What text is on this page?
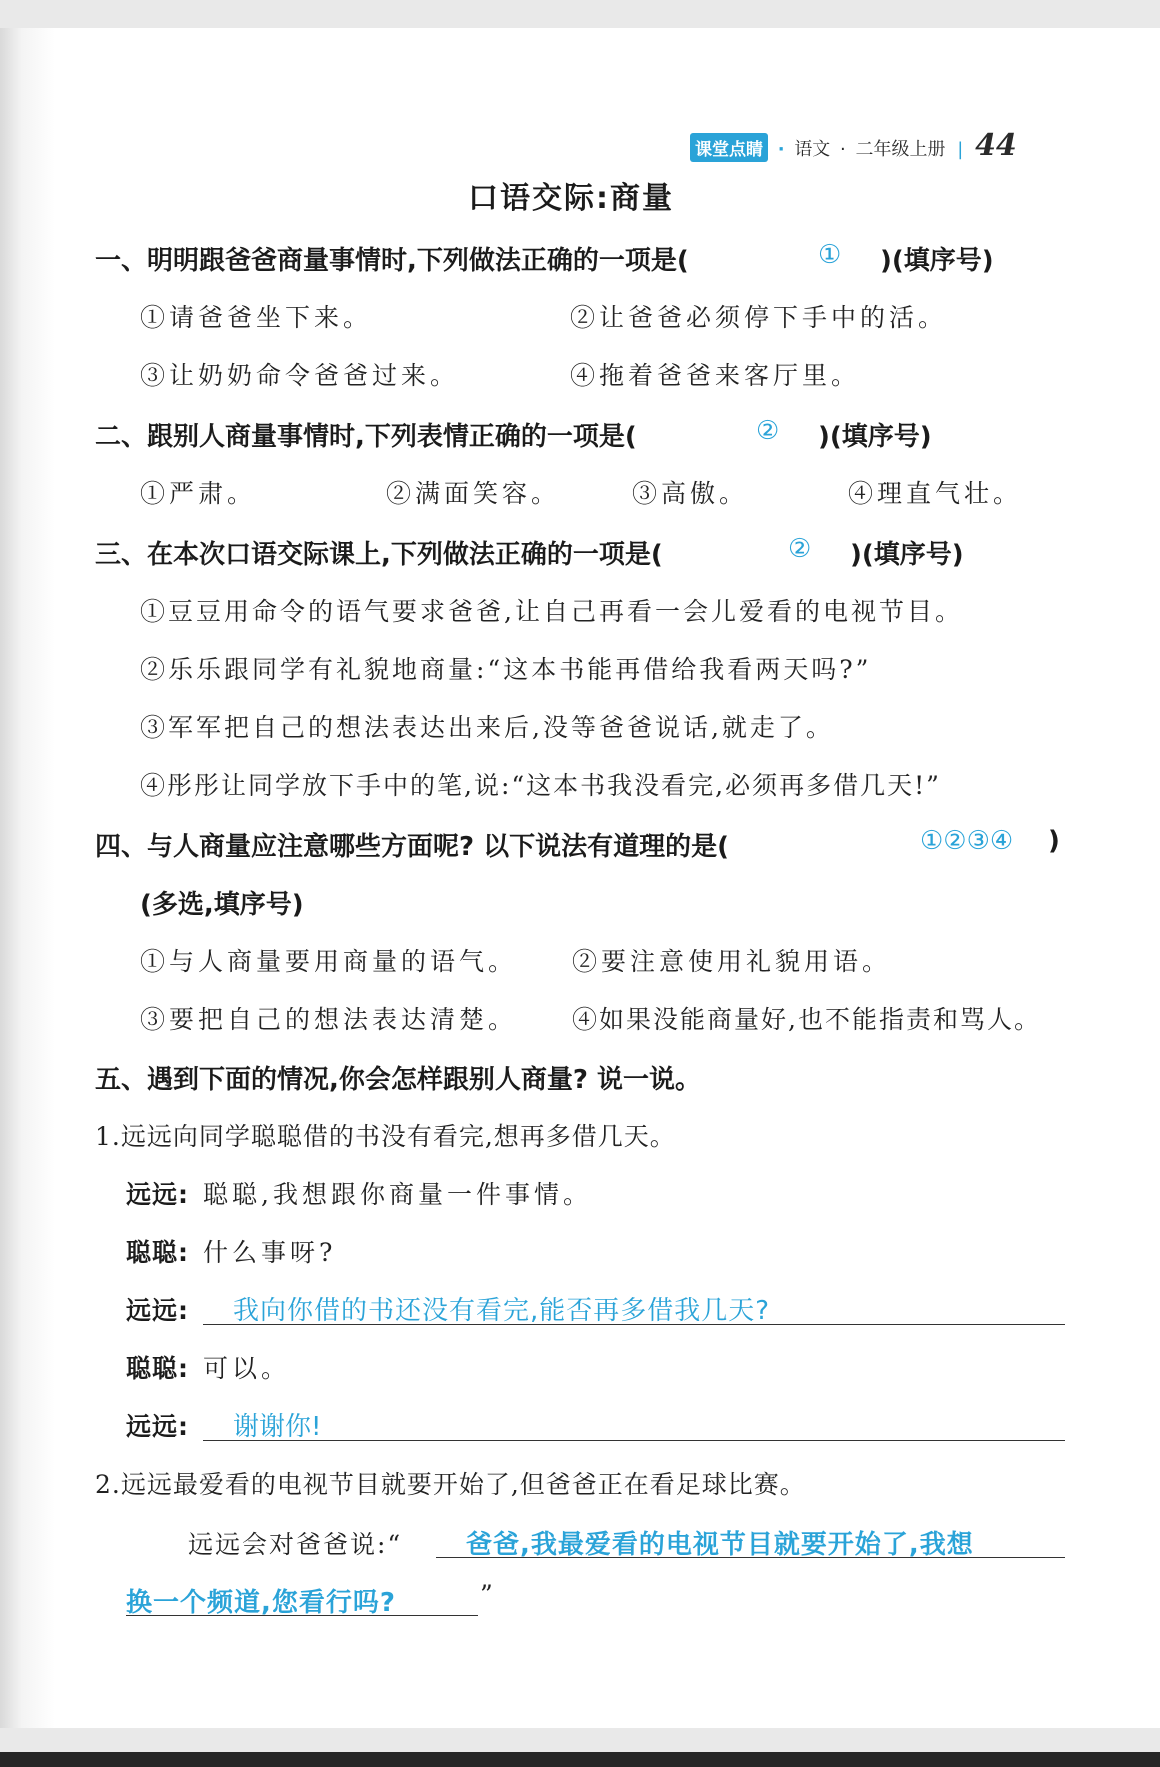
课堂点睛 · 语文 · 二年级上册 | 44
口语交际:商量
一、明明跟爸爸商量事情时,下列做法正确的一项是(	① )(填序号)
①请爸爸坐下来。	②让爸爸必须停下手中的活。
③让奶奶命令爸爸过来。	④拖着爸爸来客厅里。
二、跟别人商量事情时,下列表情正确的一项是(	② )(填序号)
①严肃。	②满面笑容。	③高傲。	④理直气壮。
三、在本次口语交际课上,下列做法正确的一项是(	② )(填序号)
①豆豆用命令的语气要求爸爸,让自己再看一会儿爱看的电视节目。
②乐乐跟同学有礼貌地商量:“这本书能再借给我看两天吗?”
③军军把自己的想法表达出来后,没等爸爸说话,就走了。
④彤彤让同学放下手中的笔,说:“这本书我没看完,必须再多借几天!”
四、与人商量应注意哪些方面呢? 以下说法有道理的是(	①②③④ )
(多选,填序号)
①与人商量要用商量的语气。 ②要注意使用礼貌用语。
③要把自己的想法表达清楚。 ④如果没能商量好,也不能指责和骂人。
五、遇到下面的情况,你会怎样跟别人商量? 说一说。
1.远远向同学聪聪借的书没有看完,想再多借几天。
远远: 聪聪,我想跟你商量一件事情。
聪聪: 什么事呀?
远远: 我向你借的书还没有看完,能否再多借我几天?
聪聪: 可以。
远远: 谢谢你!
2.远远最爱看的电视节目就要开始了,但爸爸正在看足球比赛。
远远会对爸爸说:“ 爸爸,我最爱看的电视节目就要开始了,我想
换一个频道,您看行吗?	”
